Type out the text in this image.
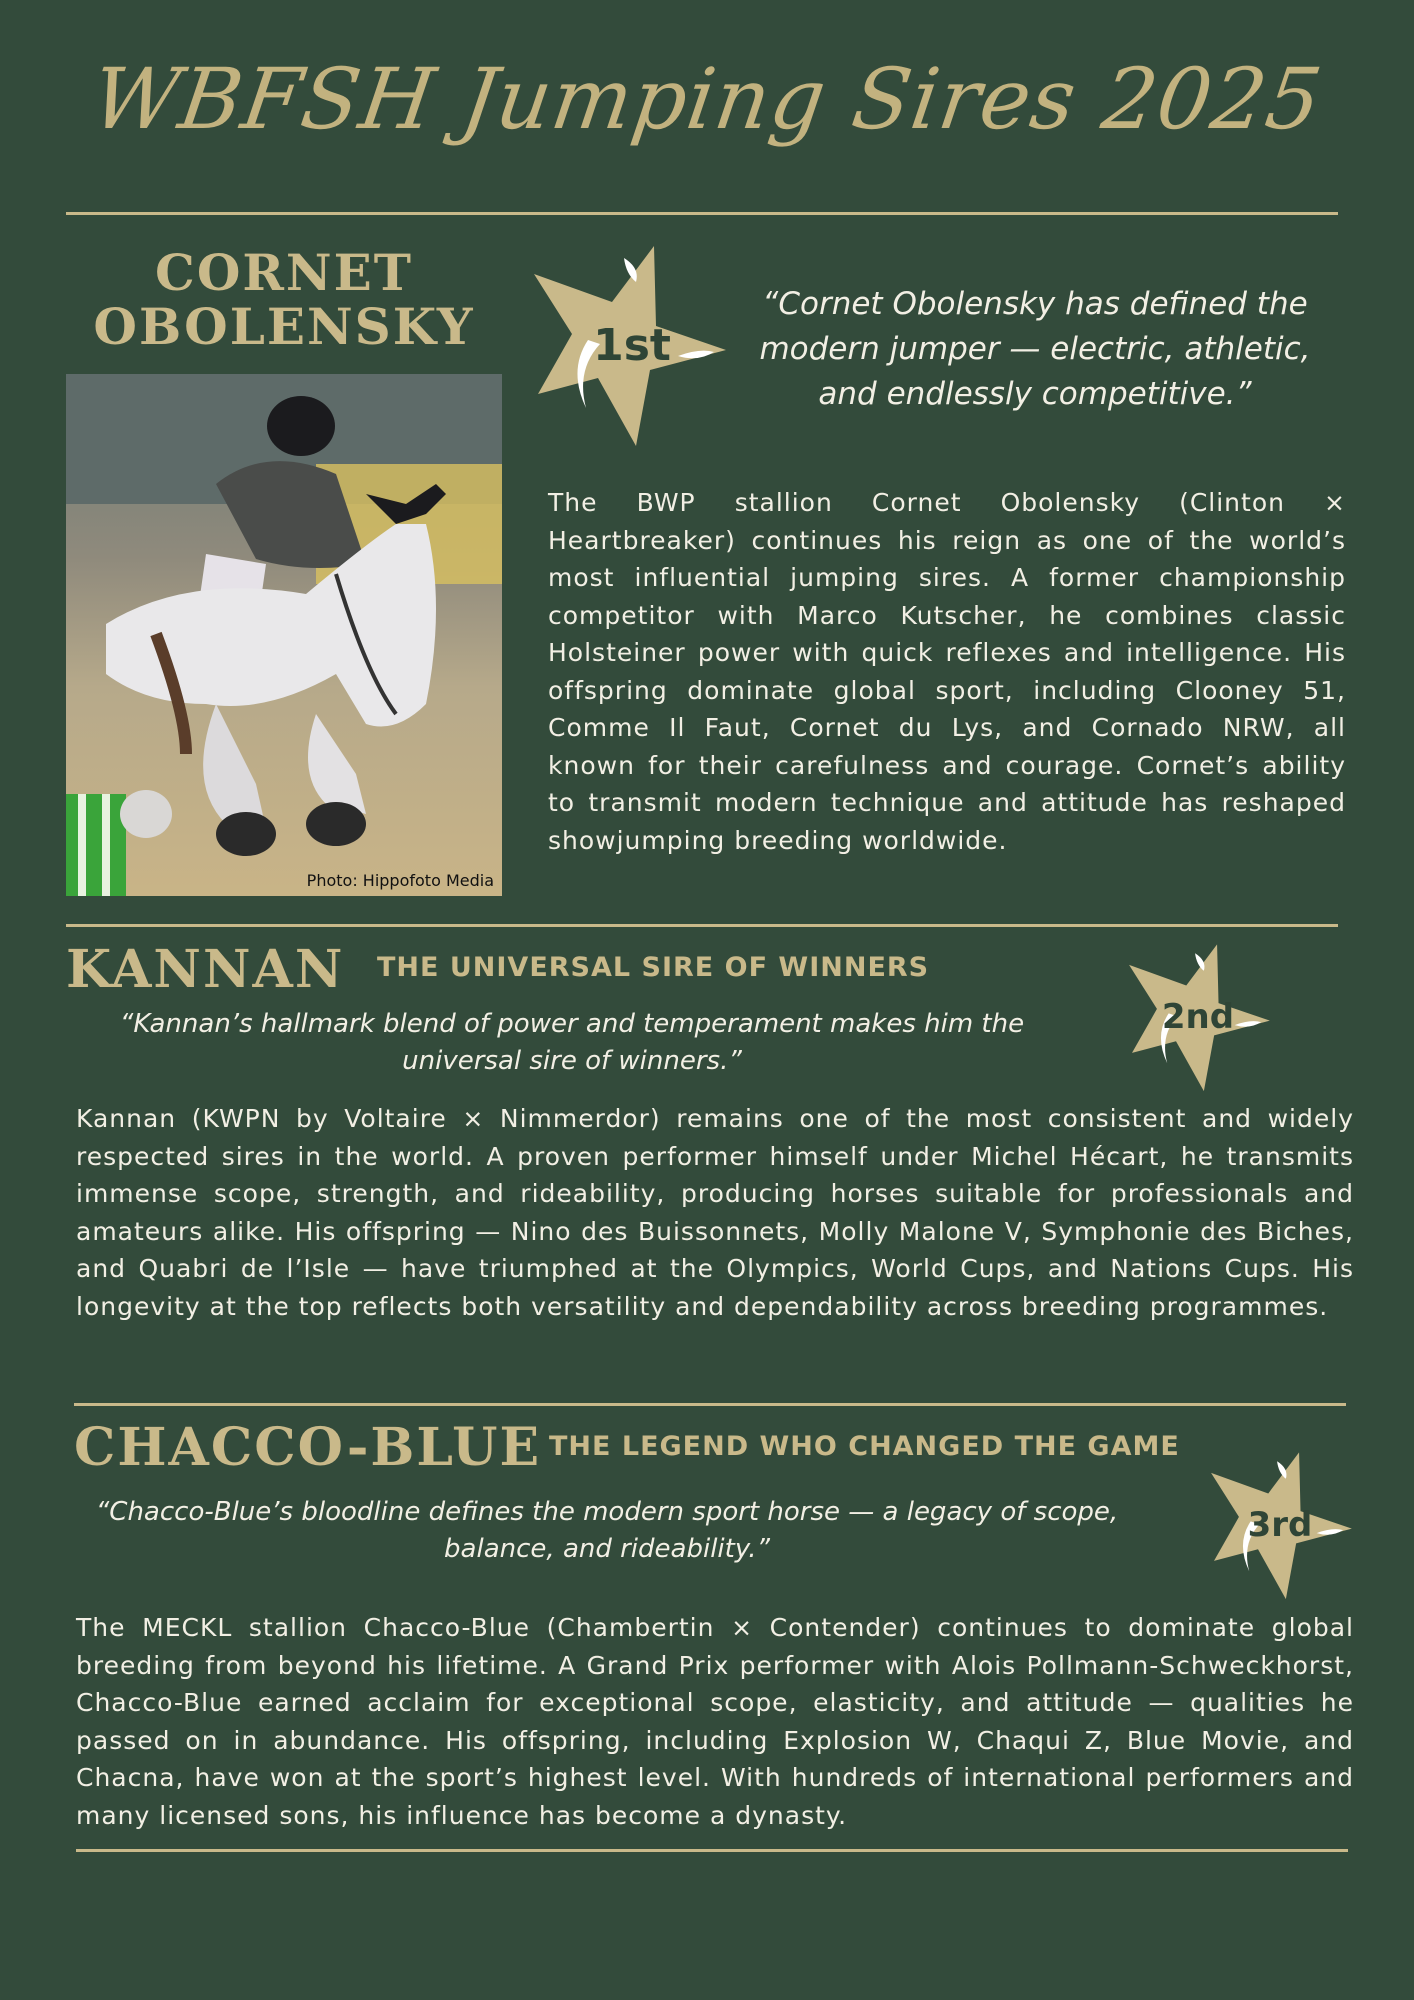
WBFSH Jumping Sires 2025
CORNET
OBOLENSKY
Photo: Hippofoto Media
1st
“Cornet Obolensky has defined the modern jumper — electric, athletic, and endlessly competitive.”
The BWP stallion Cornet Obolensky (Clinton × Heartbreaker) continues his reign as one of the world’s most influential jumping sires. A former championship competitor with Marco Kutscher, he combines classic Holsteiner power with quick reflexes and intelligence. His offspring dominate global sport, including Clooney 51, Comme Il Faut, Cornet du Lys, and Cornado NRW, all known for their carefulness and courage. Cornet’s ability to transmit modern technique and attitude has reshaped showjumping breeding worldwide.
KANNAN THE UNIVERSAL SIRE OF WINNERS
2nd
“Kannan’s hallmark blend of power and temperament makes him the universal sire of winners.”
Kannan (KWPN by Voltaire × Nimmerdor) remains one of the most consistent and widely respected sires in the world. A proven performer himself under Michel Hécart, he transmits immense scope, strength, and rideability, producing horses suitable for professionals and amateurs alike. His offspring — Nino des Buissonnets, Molly Malone V, Symphonie des Biches, and Quabri de l’Isle — have triumphed at the Olympics, World Cups, and Nations Cups. His longevity at the top reflects both versatility and dependability across breeding programmes.
CHACCO-BLUE THE LEGEND WHO CHANGED THE GAME
3rd
“Chacco-Blue’s bloodline defines the modern sport horse — a legacy of scope, balance, and rideability.”
The MECKL stallion Chacco-Blue (Chambertin × Contender) continues to dominate global breeding from beyond his lifetime. A Grand Prix performer with Alois Pollmann-Schweckhorst, Chacco-Blue earned acclaim for exceptional scope, elasticity, and attitude — qualities he passed on in abundance. His offspring, including Explosion W, Chaqui Z, Blue Movie, and Chacna, have won at the sport’s highest level. With hundreds of international performers and many licensed sons, his influence has become a dynasty.
